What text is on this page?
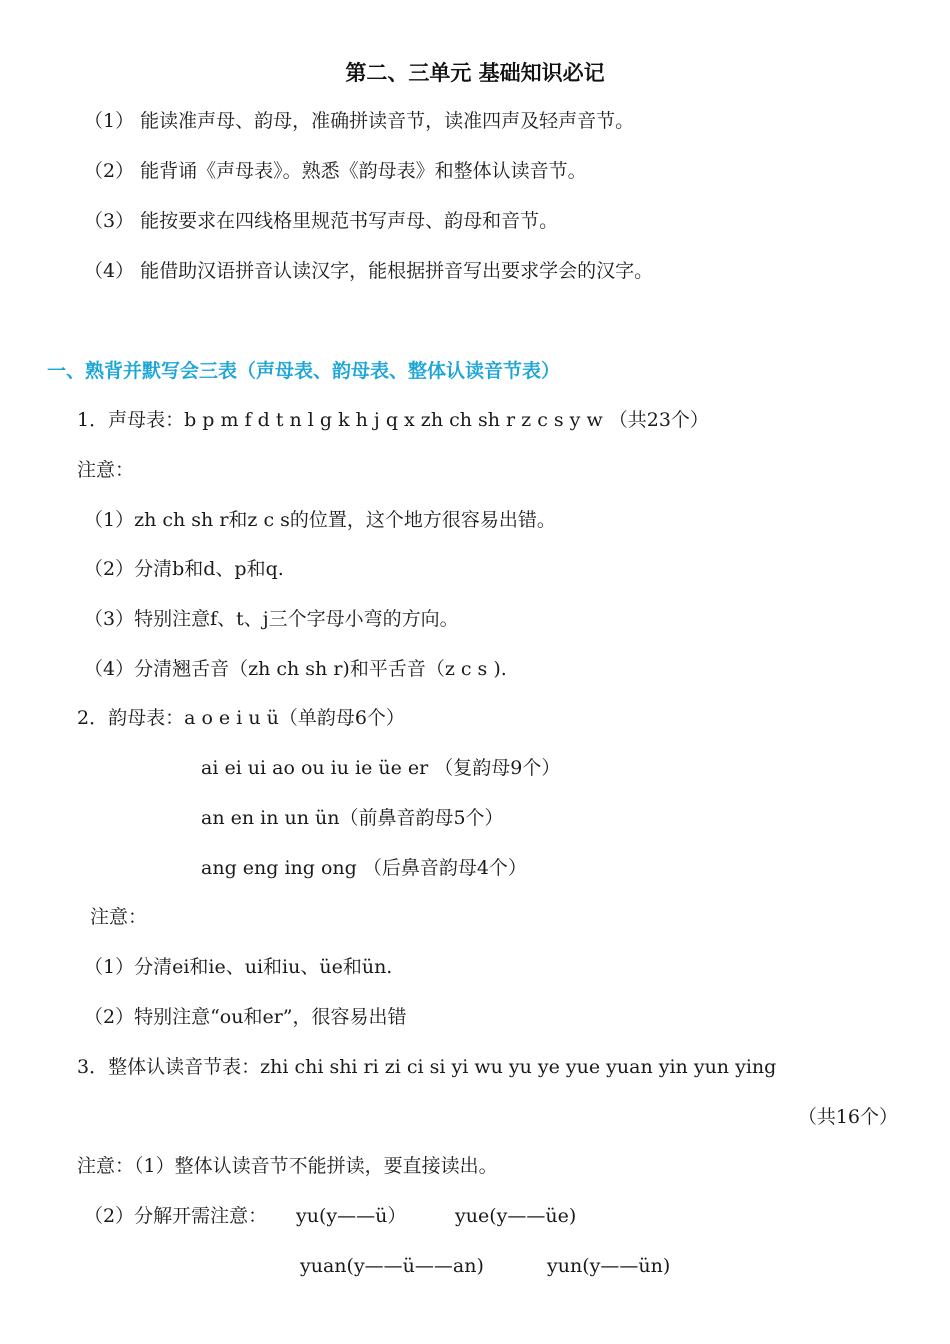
第二、三单元 基础知识必记
（1） 能读准声母、韵母，准确拼读音节，读准四声及轻声音节。
（2） 能背诵《声母表》。熟悉《韵母表》和整体认读音节。
（3） 能按要求在四线格里规范书写声母、韵母和音节。
（4） 能借助汉语拼音认读汉字，能根据拼音写出要求学会的汉字。
一、熟背并默写会三表（声母表、韵母表、整体认读音节表）
1．声母表：b p m f d t n l g k h j q x zh ch sh r z c s y w （共23个）
注意：
（1）zh ch sh r和z c s的位置，这个地方很容易出错。
（2）分清b和d、p和q.
（3）特别注意f、t、j三个字母小弯的方向。
（4）分清翘舌音（zh ch sh r)和平舌音（z c s ).
2．韵母表：a o e i u ü（单韵母6个）
ai ei ui ao ou iu ie üe er （复韵母9个）
an en in un ün（前鼻音韵母5个）
ang eng ing ong （后鼻音韵母4个）
注意：
（1）分清ei和ie、ui和iu、üe和ün.
（2）特别注意“ou和er”，很容易出错
3．整体认读音节表：zhi chi shi ri zi ci si yi wu yu ye yue yuan yin yun ying
（共16个）
注意：（1）整体认读音节不能拼读，要直接读出。
（2）分解开需注意： yu(y——ü）	yue(y——üe)
yuan(y——ü——an)	yun(y——ün)
